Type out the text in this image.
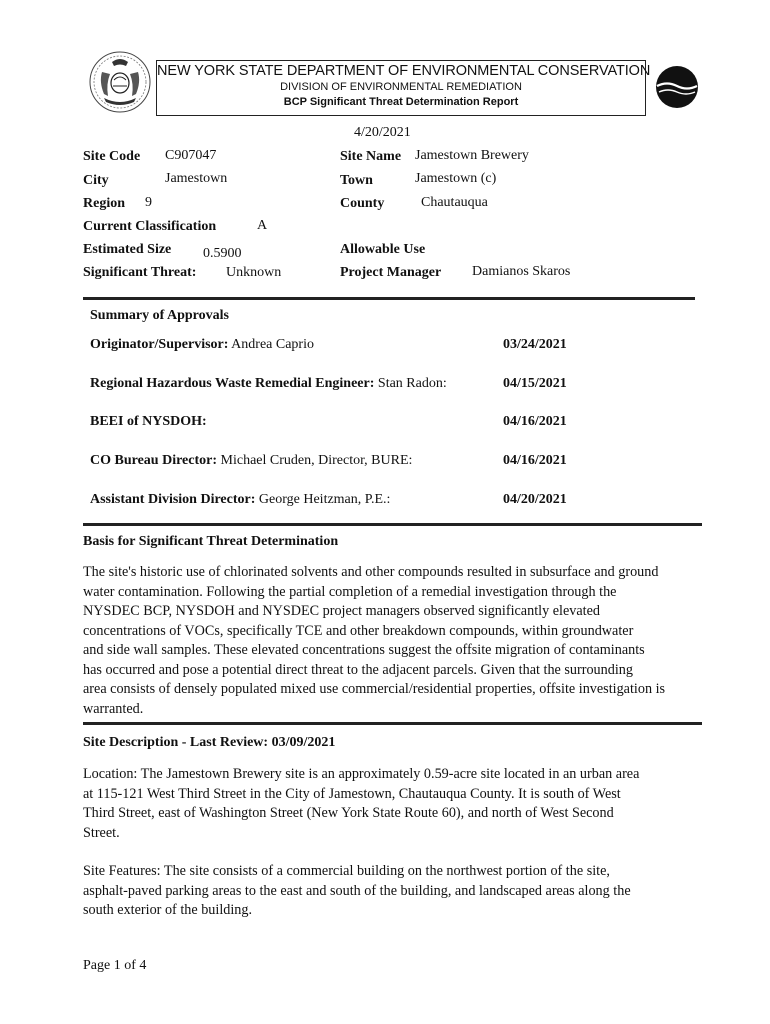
NEW YORK STATE DEPARTMENT OF ENVIRONMENTAL CONSERVATION
DIVISION OF ENVIRONMENTAL REMEDIATION
BCP Significant Threat Determination Report
4/20/2021
Site Code C907047	Site Name Jamestown Brewery
City	Jamestown	Town	Jamestown (c)
Region 9	County	Chautauqua
Current Classification	A
Estimated Size 0.5900	Allowable Use
Significant Threat: Unknown	Project Manager Damianos Skaros
Summary of Approvals
Originator/Supervisor: Andrea Caprio	03/24/2021
Regional Hazardous Waste Remedial Engineer: Stan Radon:	04/15/2021
BEEI of NYSDOH:	04/16/2021
CO Bureau Director: Michael Cruden, Director, BURE:	04/16/2021
Assistant Division Director: George Heitzman, P.E.:	04/20/2021
Basis for Significant Threat Determination
The site's historic use of chlorinated solvents and other compounds resulted in subsurface and ground
water contamination. Following the partial completion of a remedial investigation through the
NYSDEC BCP, NYSDOH and NYSDEC project managers observed significantly elevated
concentrations of VOCs, specifically TCE and other breakdown compounds, within groundwater
and side wall samples. These elevated concentrations suggest the offsite migration of contaminants
has occurred and pose a potential direct threat to the adjacent parcels. Given that the surrounding
area consists of densely populated mixed use commercial/residential properties, offsite investigation is
warranted.
Site Description - Last Review: 03/09/2021
Location: The Jamestown Brewery site is an approximately 0.59-acre site located in an urban area
at 115-121 West Third Street in the City of Jamestown, Chautauqua County. It is south of West
Third Street, east of Washington Street (New York State Route 60), and north of West Second
Street.
Site Features: The site consists of a commercial building on the northwest portion of the site,
asphalt-paved parking areas to the east and south of the building, and landscaped areas along the
south exterior of the building.
Page 1 of 4
